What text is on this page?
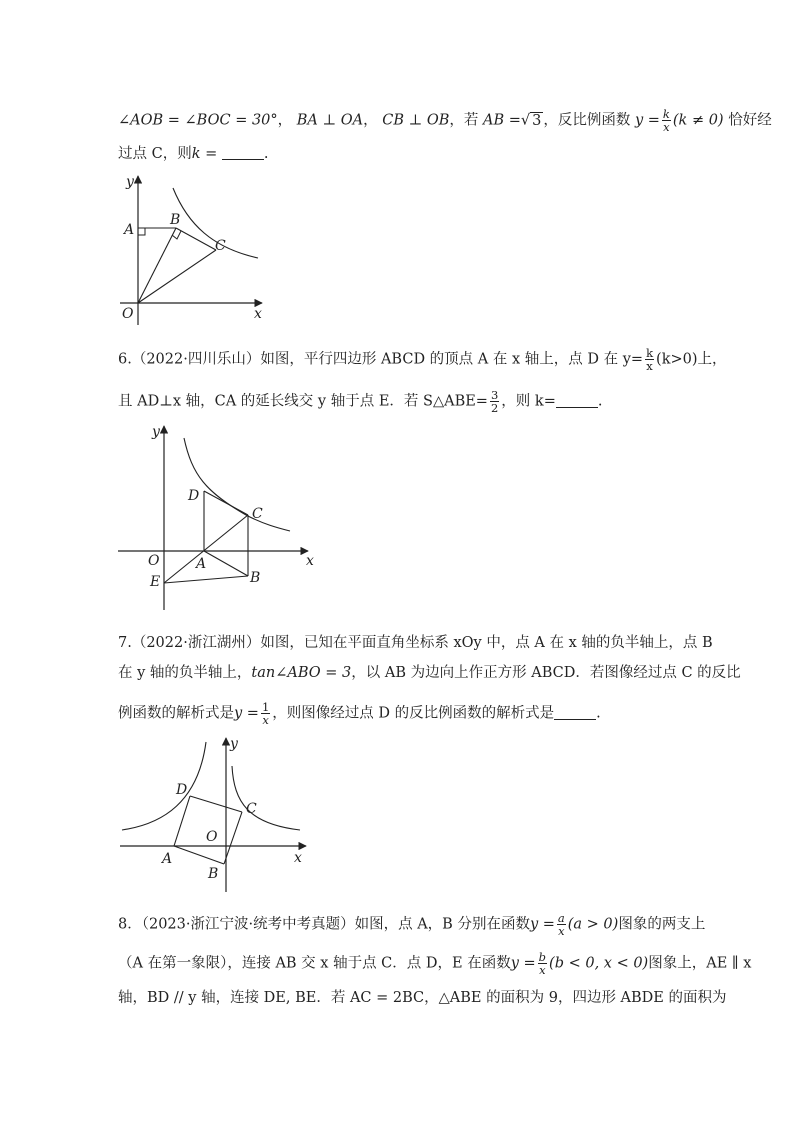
∠AOB = ∠BOC = 30°， BA ⊥ OA， CB ⊥ OB，若 AB =√ 3 ，反比例函数 $y = \frac{k}{x} (k \ne 0)$ 恰好经
过点 C，则k =	.
y
A
B
C
O	x
6.（2022·四川乐山）如图，平行四边形 ABCD 的顶点 A 在 x 轴上，点 D 在 $y= \frac{k}{x} (k>0)$上，
且 AD⊥x 轴，CA 的延长线交 y 轴于点 E．若 S△ABE= $\frac{3}{2}$ ，则 k=	.
y
D
C
O	A	x
E	B
7.（2022·浙江湖州）如图，已知在平面直角坐标系 xOy 中，点 A 在 x 轴的负半轴上，点 B
在 y 轴的负半轴上，tan∠ABO = 3，以 AB 为边向上作正方形 ABCD．若图像经过点 C 的反比
例函数的解析式是$y = \frac{1}{x}$ ，则图像经过点 D 的反比例函数的解析式是	.
y
D
C
O
A	x
B
8．（2023·浙江宁波·统考中考真题）如图，点 A，B 分别在函数$y = \frac{a}{x} (a > 0)$图象的两支上
（A 在第一象限），连接 AB 交 x 轴于点 C．点 D，E 在函数$y = \frac{b}{x} (b < 0$, x < 0)图象上，AE ∥ x
轴，BD // y 轴，连接 DE, BE．若 AC = 2BC，△ABE 的面积为 9，四边形 ABDE 的面积为
